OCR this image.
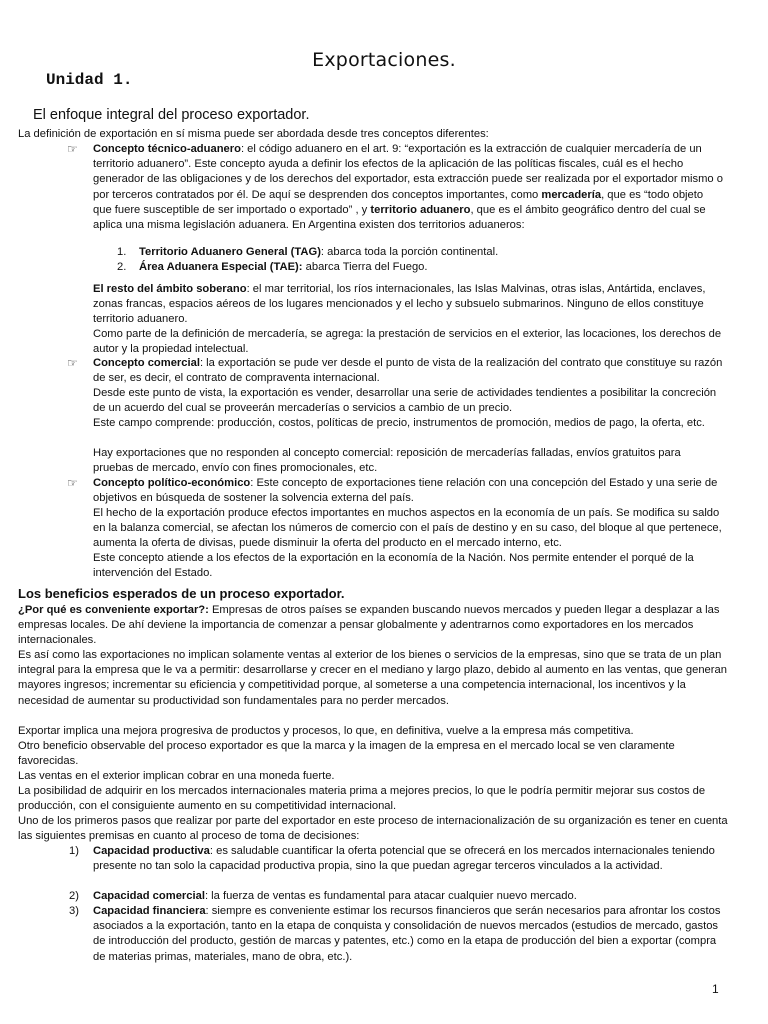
Exportaciones.
Unidad 1.
El enfoque integral del proceso exportador.

La definición de exportación en sí misma puede ser abordada desde tres conceptos diferentes:

☞ Concepto técnico-aduanero: el código aduanero en el art. 9: “exportación es la extracción de cualquier mercadería de un territorio aduanero”. Este concepto ayuda a definir los efectos de la aplicación de las políticas fiscales, cuál es el hecho generador de las obligaciones y de los derechos del exportador, esta extracción puede ser realizada por el exportador mismo o por terceros contratados por él. De aquí se desprenden dos conceptos importantes, como mercadería, que es “todo objeto que fuere susceptible de ser importado o exportado” , y territorio aduanero, que es el ámbito geográfico dentro del cual se aplica una misma legislación aduanera. En Argentina existen dos territorios aduaneros:

1. Territorio Aduanero General (TAG): abarca toda la porción continental.

2. Área Aduanera Especial (TAE): abarca Tierra del Fuego.

El resto del ámbito soberano: el mar territorial, los ríos internacionales, las Islas Malvinas, otras islas, Antártida, enclaves, zonas francas, espacios aéreos de los lugares mencionados y el lecho y subsuelo submarinos. Ninguno de ellos constituye territorio aduanero.

Como parte de la definición de mercadería, se agrega: la prestación de servicios en el exterior, las locaciones, los derechos de autor y la propiedad intelectual.

☞ Concepto comercial: la exportación se pude ver desde el punto de vista de la realización del contrato que constituye su razón de ser, es decir, el contrato de compraventa internacional.

Desde este punto de vista, la exportación es vender, desarrollar una serie de actividades tendientes a posibilitar la concreción de un acuerdo del cual se proveerán mercaderías o servicios a cambio de un precio.

Este campo comprende: producción, costos, políticas de precio, instrumentos de promoción, medios de pago, la oferta, etc.

Hay exportaciones que no responden al concepto comercial: reposición de mercaderías falladas, envíos gratuitos para pruebas de mercado, envío con fines promocionales, etc.

☞ Concepto político-económico: Este concepto de exportaciones tiene relación con una concepción del Estado y una serie de objetivos en búsqueda de sostener la solvencia externa del país.

El hecho de la exportación produce efectos importantes en muchos aspectos en la economía de un país. Se modifica su saldo en la balanza comercial, se afectan los números de comercio con el país de destino y en su caso, del bloque al que pertenece, aumenta la oferta de divisas, puede disminuir la oferta del producto en el mercado interno, etc.

Este concepto atiende a los efectos de la exportación en la economía de la Nación. Nos permite entender el porqué de la intervención del Estado.

Los beneficios esperados de un proceso exportador.

¿Por qué es conveniente exportar?: Empresas de otros países se expanden buscando nuevos mercados y pueden llegar a desplazar a las empresas locales. De ahí deviene la importancia de comenzar a pensar globalmente y adentrarnos como exportadores en los mercados internacionales.

Es así como las exportaciones no implican solamente ventas al exterior de los bienes o servicios de la empresas, sino que se trata de un plan integral para la empresa que le va a permitir: desarrollarse y crecer en el mediano y largo plazo, debido al aumento en las ventas, que generan mayores ingresos; incrementar su eficiencia y competitividad porque, al someterse a una competencia internacional, los incentivos y la necesidad de aumentar su productividad son fundamentales para no perder mercados.

Exportar implica una mejora progresiva de productos y procesos, lo que, en definitiva, vuelve a la empresa más competitiva.

Otro beneficio observable del proceso exportador es que la marca y la imagen de la empresa en el mercado local se ven claramente favorecidas.

Las ventas en el exterior implican cobrar en una moneda fuerte.

La posibilidad de adquirir en los mercados internacionales materia prima a mejores precios, lo que le podría permitir mejorar sus costos de producción, con el consiguiente aumento en su competitividad internacional.

Uno de los primeros pasos que realizar por parte del exportador en este proceso de internacionalización de su organización es tener en cuenta las siguientes premisas en cuanto al proceso de toma de decisiones:

1) Capacidad productiva: es saludable cuantificar la oferta potencial que se ofrecerá en los mercados internacionales teniendo presente no tan solo la capacidad productiva propia, sino la que puedan agregar terceros vinculados a la actividad.

2) Capacidad comercial: la fuerza de ventas es fundamental para atacar cualquier nuevo mercado.

3) Capacidad financiera: siempre es conveniente estimar los recursos financieros que serán necesarios para afrontar los costos asociados a la exportación, tanto en la etapa de conquista y consolidación de nuevos mercados (estudios de mercado, gastos de introducción del producto, gestión de marcas y patentes, etc.) como en la etapa de producción del bien a exportar (compra de materias primas, materiales, mano de obra, etc.).

1
